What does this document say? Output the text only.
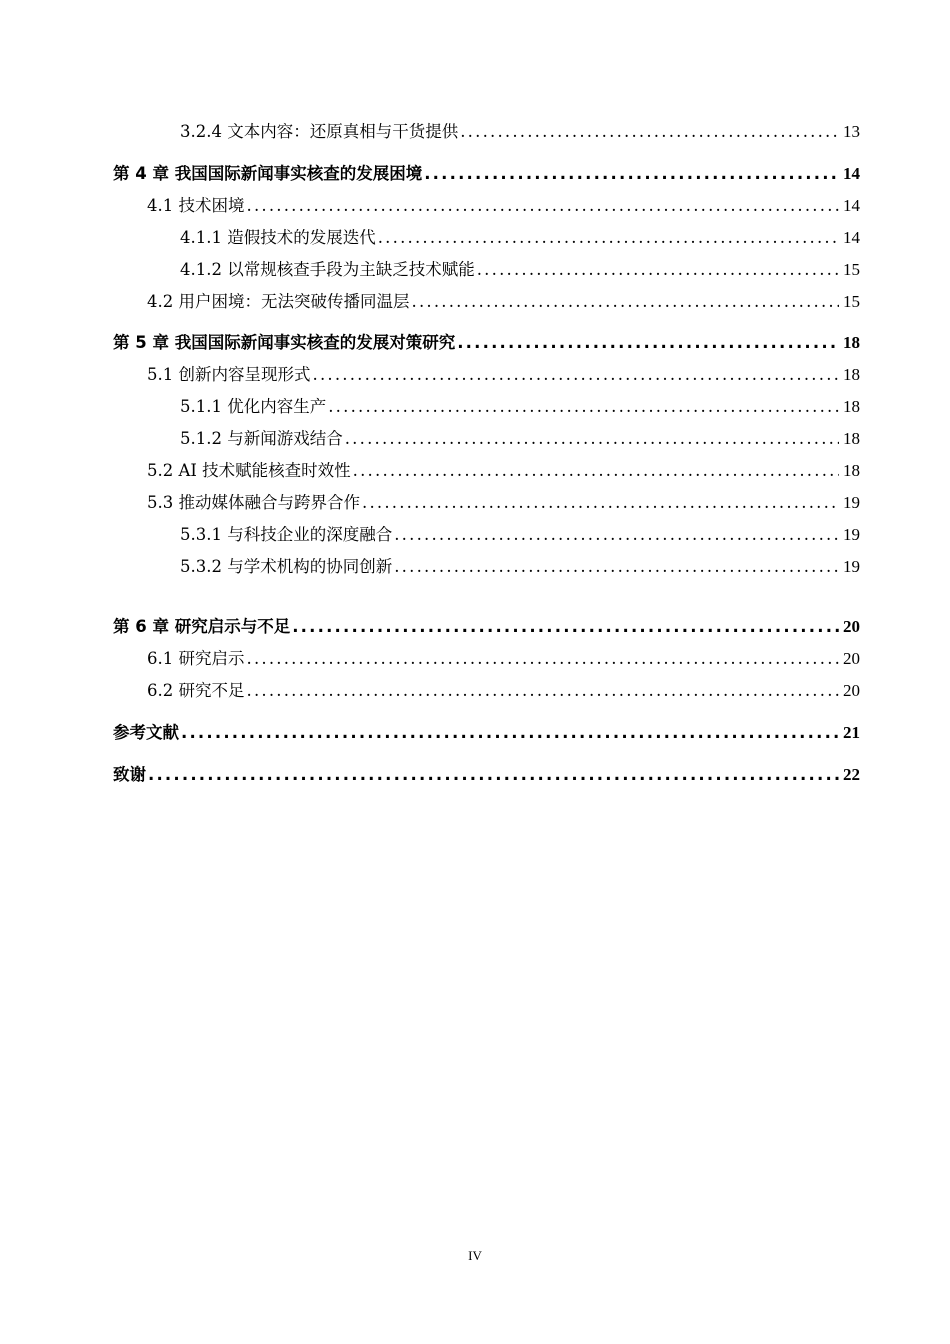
3.2.4 文本内容：还原真相与干货提供 .....	13
第 4 章 我国国际新闻事实核查的发展困境 .....	14
4.1 技术困境 .....	14
4.1.1 造假技术的发展迭代 .....	14
4.1.2 以常规核查手段为主缺乏技术赋能 .....	15
4.2 用户困境：无法突破传播同温层 .....	15
第 5 章 我国国际新闻事实核查的发展对策研究 .....	18
5.1 创新内容呈现形式 .....	18
5.1.1 优化内容生产 .....	18
5.1.2 与新闻游戏结合 .....	18
5.2 AI 技术赋能核查时效性 .....	18
5.3 推动媒体融合与跨界合作 .....	19
5.3.1 与科技企业的深度融合 .....	19
5.3.2 与学术机构的协同创新 .....	19
第 6 章 研究启示与不足 .....	20
6.1 研究启示 .....	20
6.2 研究不足 .....	20
参考文献 .....	21
致谢 .....	22
IV
